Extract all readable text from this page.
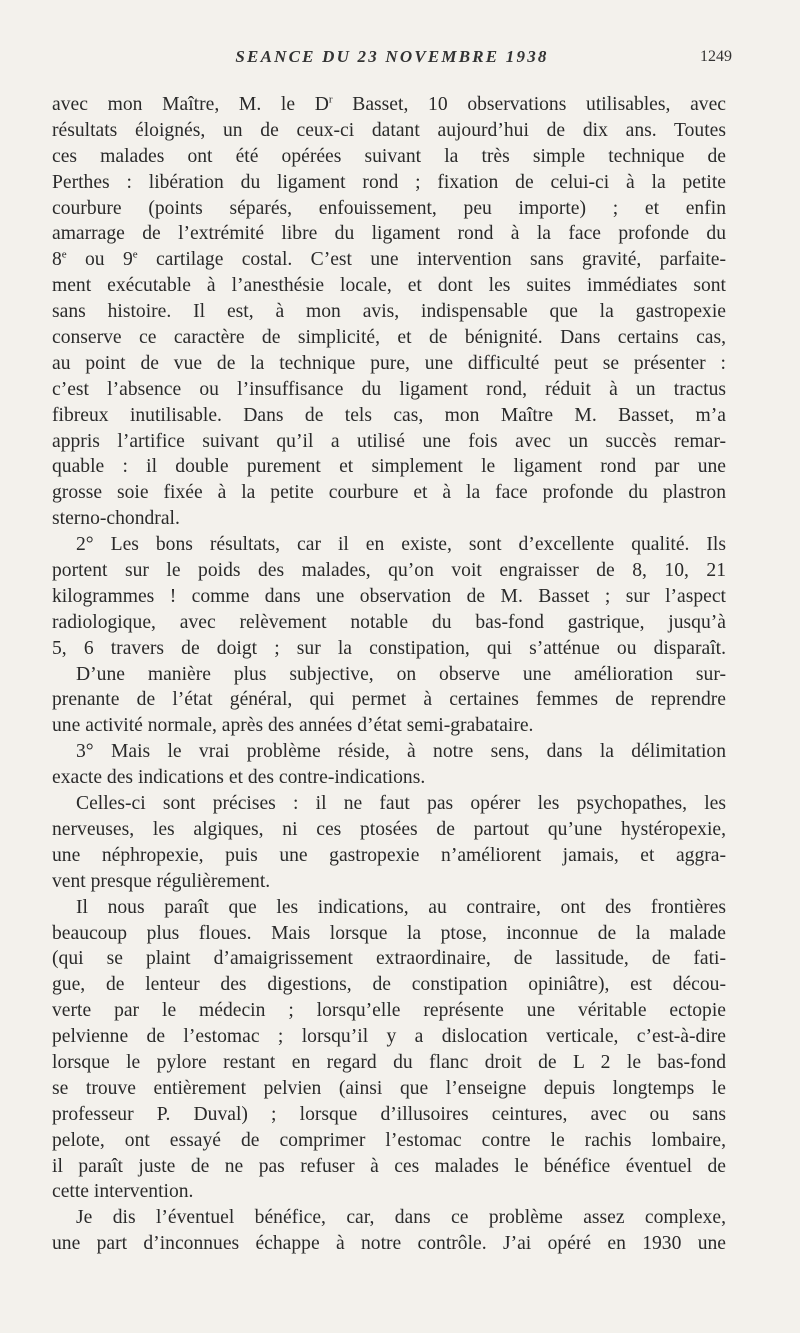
SEANCE DU 23 NOVEMBRE 1938	1249
avec mon Maître, M. le $D^r$ Basset, 10 observations utilisables, avec
résultats éloignés, un de ceux-ci datant aujourd’hui de dix ans. Toutes
ces malades ont été opérées suivant la très simple technique de
Perthes : libération du ligament rond ; fixation de celui-ci à la petite
courbure (points séparés, enfouissement, peu importe) ; et enfin
amarrage de l’extrémité libre du ligament rond à la face profonde du
8e ou 9e cartilage costal. C’est une intervention sans gravité, parfaite-
ment exécutable à l’anesthésie locale, et dont les suites immédiates sont
sans histoire. Il est, à mon avis, indispensable que la gastropexie
conserve ce caractère de simplicité, et de bénignité. Dans certains cas,
au point de vue de la technique pure, une difficulté peut se présenter :
c’est l’absence ou l’insuffisance du ligament rond, réduit à un tractus
fibreux inutilisable. Dans de tels cas, mon Maître M. Basset, m’a
appris l’artifice suivant qu’il a utilisé une fois avec un succès remar-
quable : il double purement et simplement le ligament rond par une
grosse soie fixée à la petite courbure et à la face profonde du plastron
sterno-chondral.
2° Les bons résultats, car il en existe, sont d’excellente qualité. Ils
portent sur le poids des malades, qu’on voit engraisser de 8, 10, 21
kilogrammes ! comme dans une observation de M. Basset ; sur l’aspect
radiologique, avec relèvement notable du bas-fond gastrique, jusqu’à
5, 6 travers de doigt ; sur la constipation, qui s’atténue ou disparaît.
D’une manière plus subjective, on observe une amélioration sur-
prenante de l’état général, qui permet à certaines femmes de reprendre
une activité normale, après des années d’état semi-grabataire.
3° Mais le vrai problème réside, à notre sens, dans la délimitation
exacte des indications et des contre-indications.
Celles-ci sont précises : il ne faut pas opérer les psychopathes, les
nerveuses, les algiques, ni ces ptosées de partout qu’une hystéropexie,
une néphropexie, puis une gastropexie n’améliorent jamais, et aggra-
vent presque régulièrement.
Il nous paraît que les indications, au contraire, ont des frontières
beaucoup plus floues. Mais lorsque la ptose, inconnue de la malade
(qui se plaint d’amaigrissement extraordinaire, de lassitude, de fati-
gue, de lenteur des digestions, de constipation opiniâtre), est décou-
verte par le médecin ; lorsqu’elle représente une véritable ectopie
pelvienne de l’estomac ; lorsqu’il y a dislocation verticale, c’est-à-dire
lorsque le pylore restant en regard du flanc droit de L 2 le bas-fond
se trouve entièrement pelvien (ainsi que l’enseigne depuis longtemps le
professeur P. Duval) ; lorsque d’illusoires ceintures, avec ou sans
pelote, ont essayé de comprimer l’estomac contre le rachis lombaire,
il paraît juste de ne pas refuser à ces malades le bénéfice éventuel de
cette intervention.
Je dis l’éventuel bénéfice, car, dans ce problème assez complexe,
une part d’inconnues échappe à notre contrôle. J’ai opéré en 1930 une
